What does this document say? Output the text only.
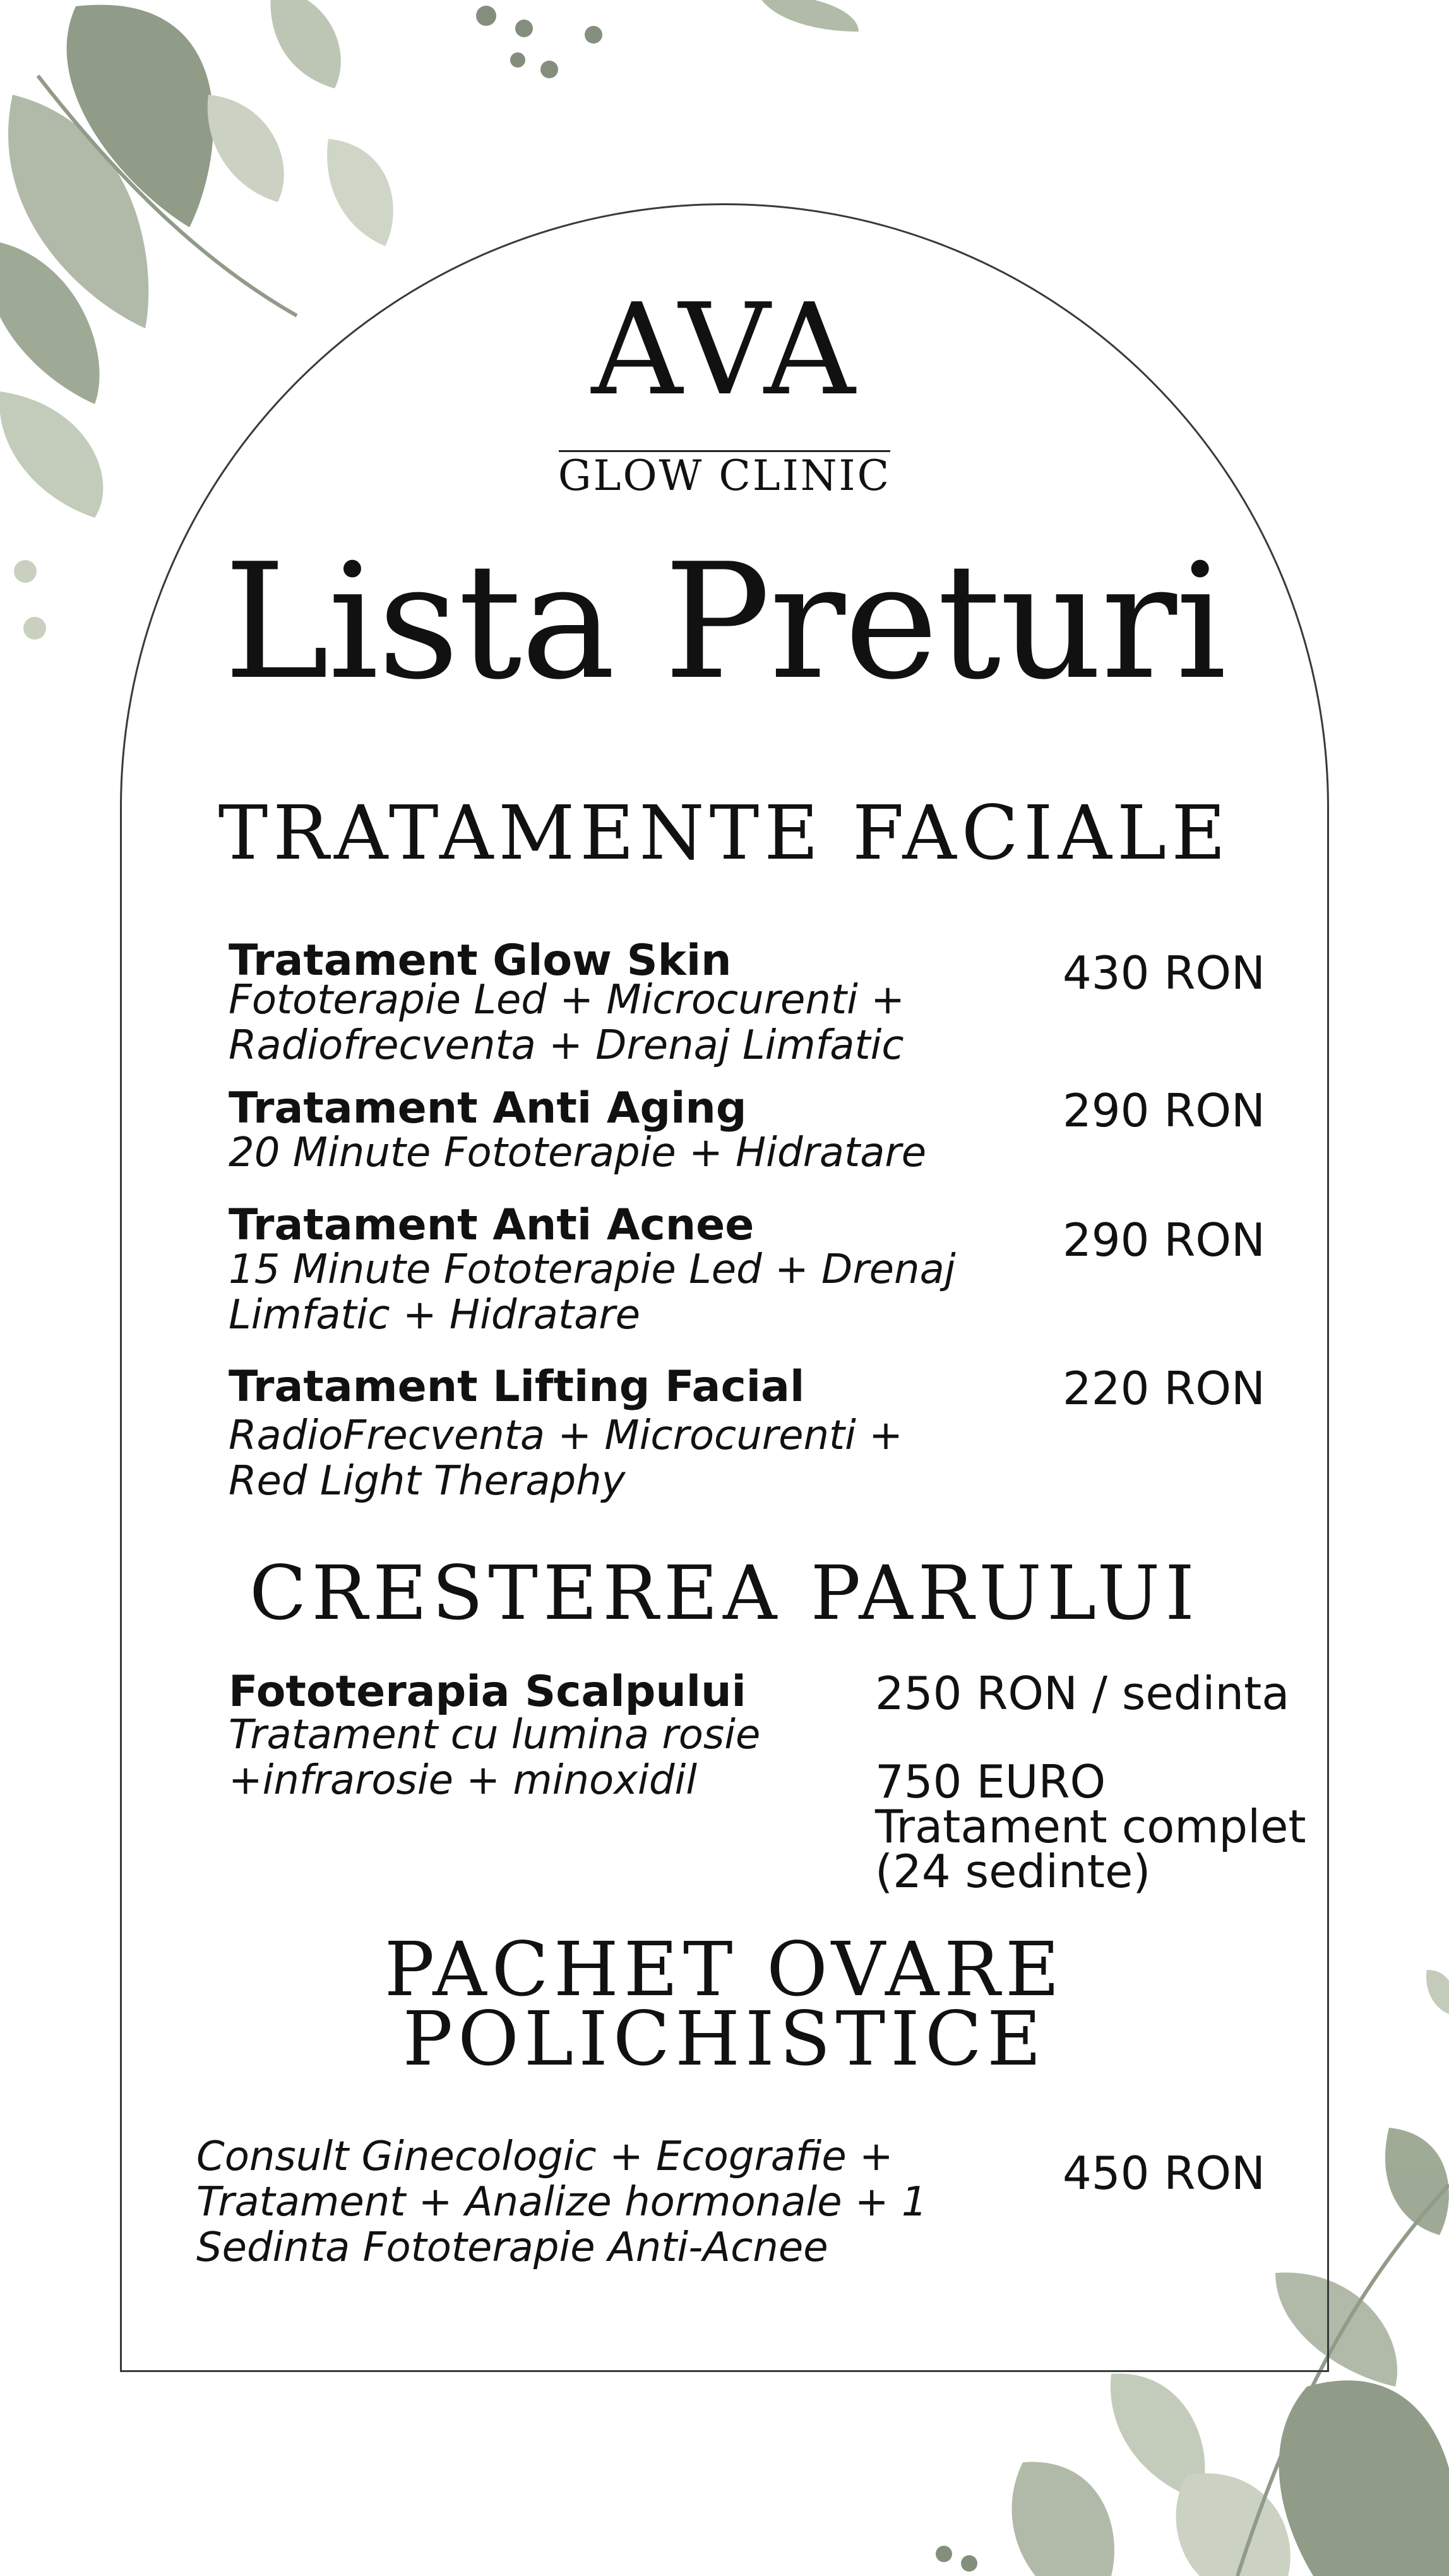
AVA
GLOW CLINIC
Lista Preturi
TRATAMENTE FACIALE
Tratament Glow Skin
Fototerapie Led + Microcurenti +
Radiofrecventa + Drenaj Limfatic
430 RON
Tratament Anti Aging
20 Minute Fototerapie + Hidratare
290 RON
Tratament Anti Acnee
15 Minute Fototerapie Led + Drenaj
Limfatic + Hidratare
290 RON
Tratament Lifting Facial
RadioFrecventa + Microcurenti +
Red Light Theraphy
220 RON
CRESTEREA PARULUI
Fototerapia Scalpului
Tratament cu lumina rosie
+infrarosie + minoxidil
250 RON / sedinta
750 EURO
Tratament complet
(24 sedinte)
PACHET OVARE
POLICHISTICE
Consult Ginecologic + Ecografie +
Tratament + Analize hormonale + 1
Sedinta Fototerapie Anti-Acnee
450 RON
